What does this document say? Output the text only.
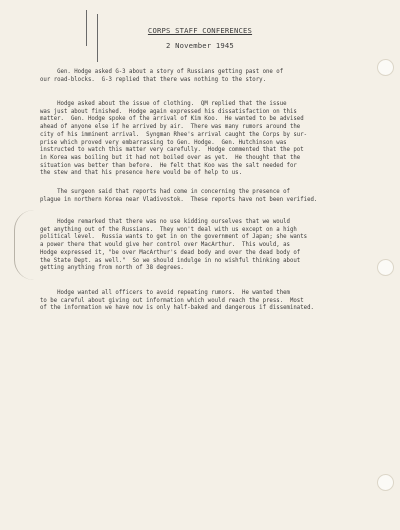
CORPS STAFF CONFERENCES
2 November 1945
Gen. Hodge asked G-3 about a story of Russians getting past one of
our road-blocks.  G-3 replied that there was nothing to the story.
Hodge asked about the issue of clothing.  QM replied that the issue
was just about finished.  Hodge again expressed his dissatisfaction on this
matter.  Gen. Hodge spoke of the arrival of Kim Koo.  He wanted to be advised
ahead of anyone else if he arrived by air.  There was many rumors around the
city of his imminent arrival.  Syngman Rhee's arrival caught the Corps by sur-
prise which proved very embarrassing to Gen. Hodge.  Gen. Hutchinson was
instructed to watch this matter very carefully.  Hodge commented that the pot
in Korea was boiling but it had not boiled over as yet.  He thought that the
situation was better than before.  He felt that Koo was the salt needed for
the stew and that his presence here would be of help to us.
The surgeon said that reports had come in concerning the presence of
plague in northern Korea near Vladivostok.  These reports have not been verified.
Hodge remarked that there was no use kidding ourselves that we would
get anything out of the Russians.  They won't deal with us except on a high
political level.  Russia wants to get in on the government of Japan; she wants
a power there that would give her control over MacArthur.  This would, as
Hodge expressed it, "be over MacArthur's dead body and over the dead body of
the State Dept. as well."  So we should indulge in no wishful thinking about
getting anything from north of 38 degrees.
Hodge wanted all officers to avoid repeating rumors.  He wanted them
to be careful about giving out information which would reach the press.  Most
of the information we have now is only half-baked and dangerous if disseminated.
